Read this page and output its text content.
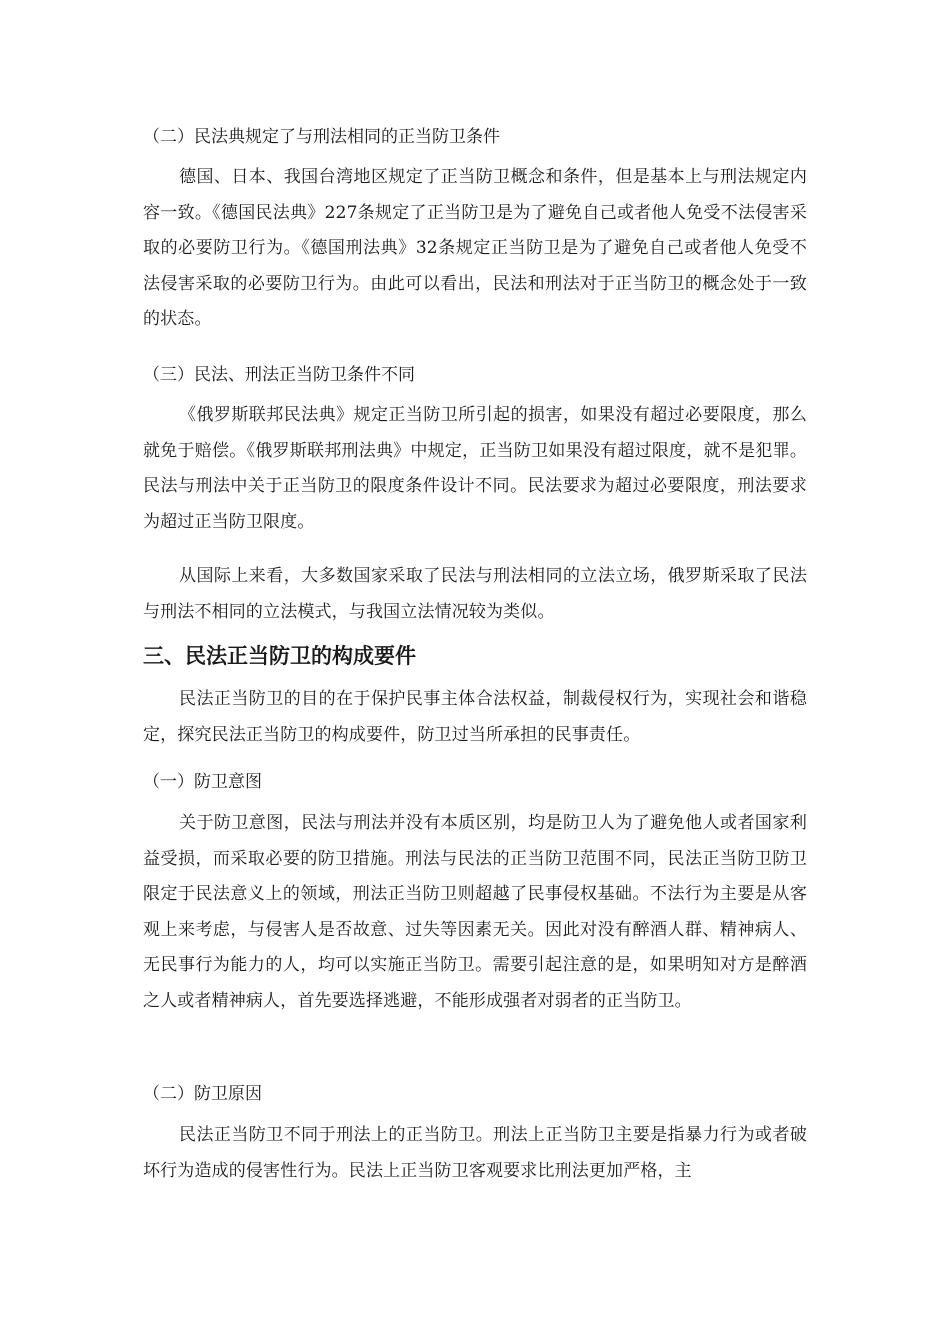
（二）民法典规定了与刑法相同的正当防卫条件
德国、日本、我国台湾地区规定了正当防卫概念和条件，但是基本上与刑法规定内容一致。《德国民法典》227条规定了正当防卫是为了避免自己或者他人免受不法侵害采取的必要防卫行为。《德国刑法典》32条规定正当防卫是为了避免自己或者他人免受不法侵害采取的必要防卫行为。由此可以看出，民法和刑法对于正当防卫的概念处于一致的状态。
（三）民法、刑法正当防卫条件不同
《俄罗斯联邦民法典》规定正当防卫所引起的损害，如果没有超过必要限度，那么就免于赔偿。《俄罗斯联邦刑法典》中规定，正当防卫如果没有超过限度，就不是犯罪。民法与刑法中关于正当防卫的限度条件设计不同。民法要求为超过必要限度，刑法要求为超过正当防卫限度。
从国际上来看，大多数国家采取了民法与刑法相同的立法立场，俄罗斯采取了民法与刑法不相同的立法模式，与我国立法情况较为类似。
三、民法正当防卫的构成要件
民法正当防卫的目的在于保护民事主体合法权益，制裁侵权行为，实现社会和谐稳定，探究民法正当防卫的构成要件，防卫过当所承担的民事责任。
（一）防卫意图
关于防卫意图，民法与刑法并没有本质区别，均是防卫人为了避免他人或者国家利益受损，而采取必要的防卫措施。刑法与民法的正当防卫范围不同，民法正当防卫防卫限定于民法意义上的领域，刑法正当防卫则超越了民事侵权基础。不法行为主要是从客观上来考虑，与侵害人是否故意、过失等因素无关。因此对没有醉酒人群、精神病人、无民事行为能力的人，均可以实施正当防卫。需要引起注意的是，如果明知对方是醉酒之人或者精神病人，首先要选择逃避，不能形成强者对弱者的正当防卫。
（二）防卫原因
民法正当防卫不同于刑法上的正当防卫。刑法上正当防卫主要是指暴力行为或者破坏行为造成的侵害性行为。民法上正当防卫客观要求比刑法更加严格，主
